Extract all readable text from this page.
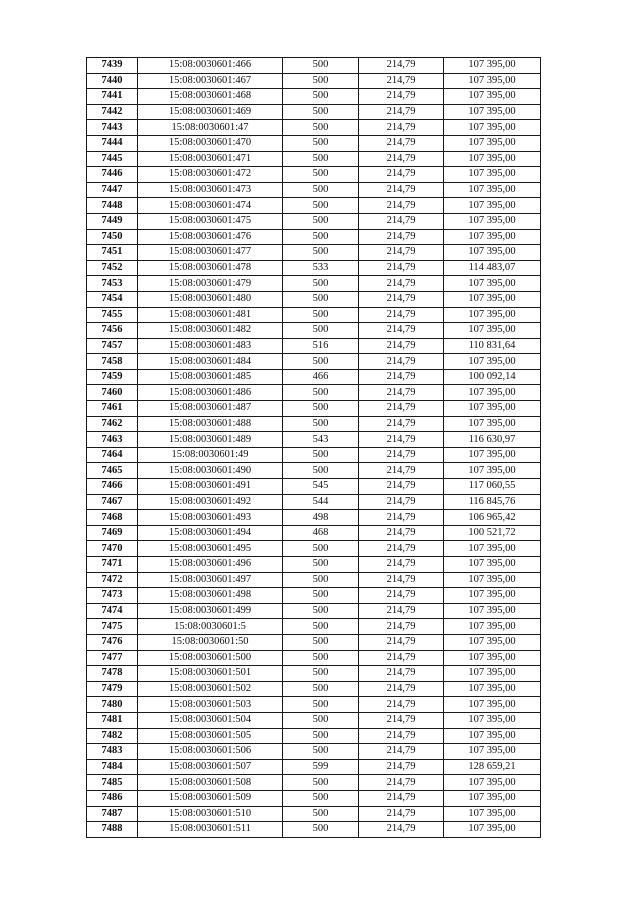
7439	15:08:0030601:466	500	214,79	107 395,00
7440	15:08:0030601:467	500	214,79	107 395,00
7441	15:08:0030601:468	500	214,79	107 395,00
7442	15:08:0030601:469	500	214,79	107 395,00
7443	15:08:0030601:47	500	214,79	107 395,00
7444	15:08:0030601:470	500	214,79	107 395,00
7445	15:08:0030601:471	500	214,79	107 395,00
7446	15:08:0030601:472	500	214,79	107 395,00
7447	15:08:0030601:473	500	214,79	107 395,00
7448	15:08:0030601:474	500	214,79	107 395,00
7449	15:08:0030601:475	500	214,79	107 395,00
7450	15:08:0030601:476	500	214,79	107 395,00
7451	15:08:0030601:477	500	214,79	107 395,00
7452	15:08:0030601:478	533	214,79	114 483,07
7453	15:08:0030601:479	500	214,79	107 395,00
7454	15:08:0030601:480	500	214,79	107 395,00
7455	15:08:0030601:481	500	214,79	107 395,00
7456	15:08:0030601:482	500	214,79	107 395,00
7457	15:08:0030601:483	516	214,79	110 831,64
7458	15:08:0030601:484	500	214,79	107 395,00
7459	15:08:0030601:485	466	214,79	100 092,14
7460	15:08:0030601:486	500	214,79	107 395,00
7461	15:08:0030601:487	500	214,79	107 395,00
7462	15:08:0030601:488	500	214,79	107 395,00
7463	15:08:0030601:489	543	214,79	116 630,97
7464	15:08:0030601:49	500	214,79	107 395,00
7465	15:08:0030601:490	500	214,79	107 395,00
7466	15:08:0030601:491	545	214,79	117 060,55
7467	15:08:0030601:492	544	214,79	116 845,76
7468	15:08:0030601:493	498	214,79	106 965,42
7469	15:08:0030601:494	468	214,79	100 521,72
7470	15:08:0030601:495	500	214,79	107 395,00
7471	15:08:0030601:496	500	214,79	107 395,00
7472	15:08:0030601:497	500	214,79	107 395,00
7473	15:08:0030601:498	500	214,79	107 395,00
7474	15:08:0030601:499	500	214,79	107 395,00
7475	15:08:0030601:5	500	214,79	107 395,00
7476	15:08:0030601:50	500	214,79	107 395,00
7477	15:08:0030601:500	500	214,79	107 395,00
7478	15:08:0030601:501	500	214,79	107 395,00
7479	15:08:0030601:502	500	214,79	107 395,00
7480	15:08:0030601:503	500	214,79	107 395,00
7481	15:08:0030601:504	500	214,79	107 395,00
7482	15:08:0030601:505	500	214,79	107 395,00
7483	15:08:0030601:506	500	214,79	107 395,00
7484	15:08:0030601:507	599	214,79	128 659,21
7485	15:08:0030601:508	500	214,79	107 395,00
7486	15:08:0030601:509	500	214,79	107 395,00
7487	15:08:0030601:510	500	214,79	107 395,00
7488	15:08:0030601:511	500	214,79	107 395,00
